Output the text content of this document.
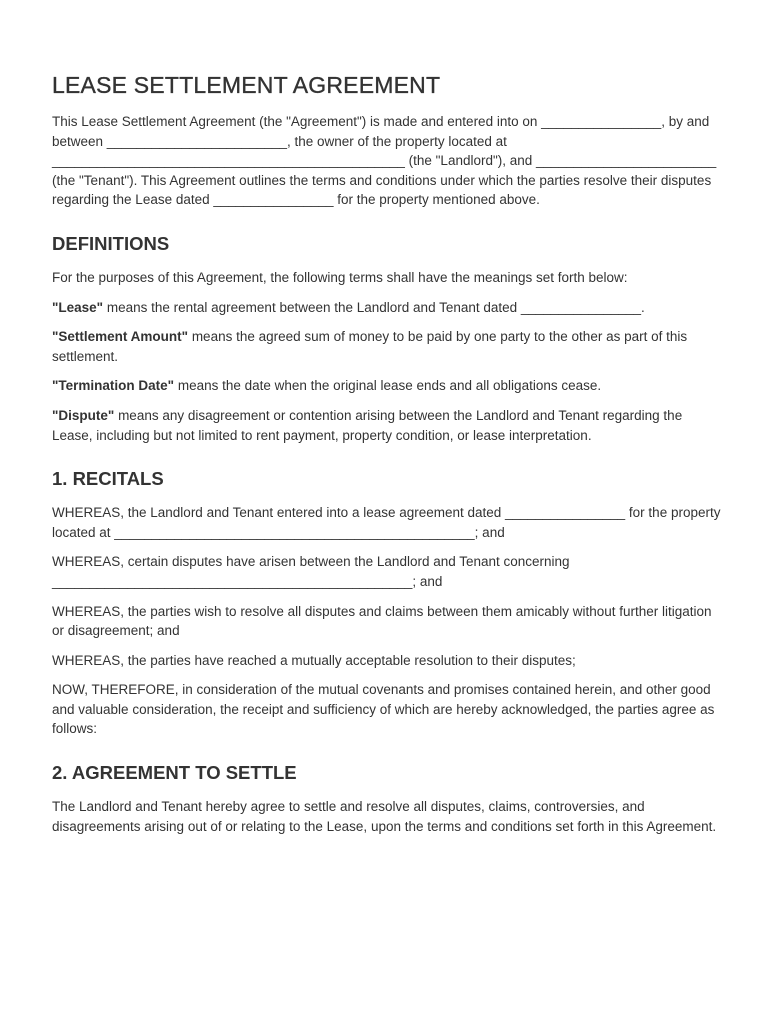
LEASE SETTLEMENT AGREEMENT

This Lease Settlement Agreement (the "Agreement") is made and entered into on ________________, by and between ________________________, the owner of the property located at _______________________________________________ (the "Landlord"), and ________________________ (the "Tenant"). This Agreement outlines the terms and conditions under which the parties resolve their disputes regarding the Lease dated ________________ for the property mentioned above.

DEFINITIONS

For the purposes of this Agreement, the following terms shall have the meanings set forth below:

"Lease" means the rental agreement between the Landlord and Tenant dated ________________.

"Settlement Amount" means the agreed sum of money to be paid by one party to the other as part of this settlement.

"Termination Date" means the date when the original lease ends and all obligations cease.

"Dispute" means any disagreement or contention arising between the Landlord and Tenant regarding the Lease, including but not limited to rent payment, property condition, or lease interpretation.

1. RECITALS

WHEREAS, the Landlord and Tenant entered into a lease agreement dated ________________ for the property located at ________________________________________________; and

WHEREAS, certain disputes have arisen between the Landlord and Tenant concerning ________________________________________________; and

WHEREAS, the parties wish to resolve all disputes and claims between them amicably without further litigation or disagreement; and

WHEREAS, the parties have reached a mutually acceptable resolution to their disputes;

NOW, THEREFORE, in consideration of the mutual covenants and promises contained herein, and other good and valuable consideration, the receipt and sufficiency of which are hereby acknowledged, the parties agree as follows:

2. AGREEMENT TO SETTLE

The Landlord and Tenant hereby agree to settle and resolve all disputes, claims, controversies, and disagreements arising out of or relating to the Lease, upon the terms and conditions set forth in this Agreement.
